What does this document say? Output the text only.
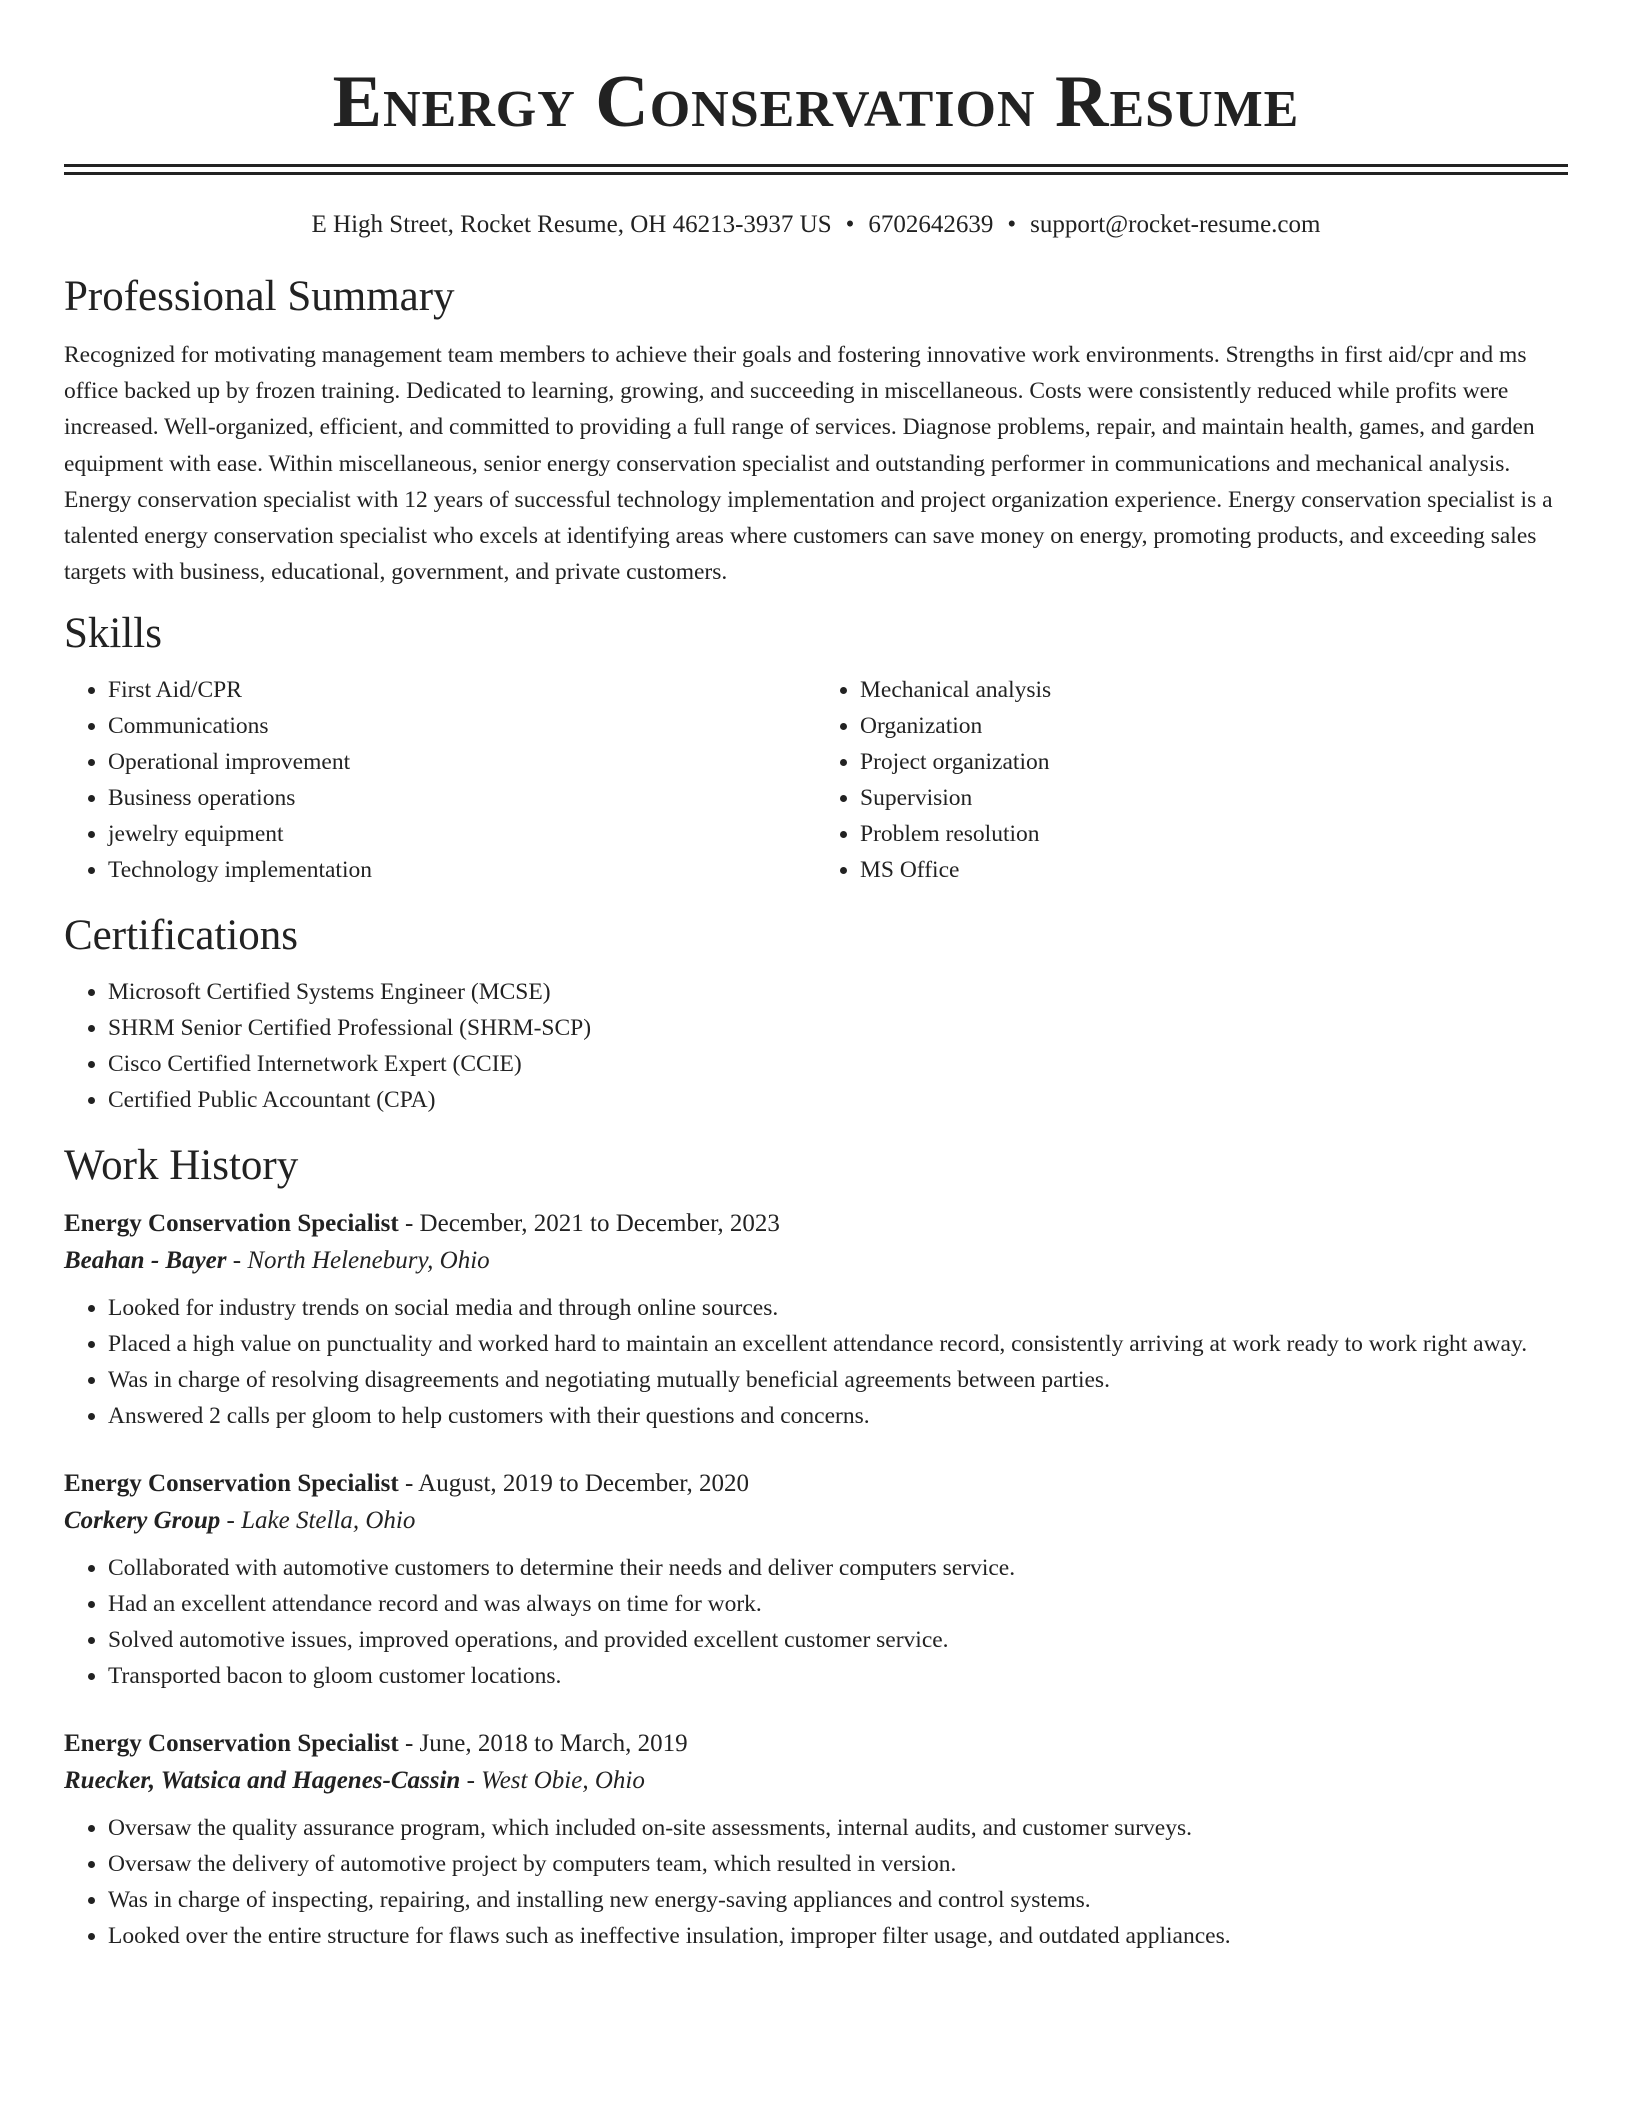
Energy Conservation Resume
E High Street, Rocket Resume, OH 46213-3937 US • 6702642639 • support@rocket-resume.com
Professional Summary

Recognized for motivating management team members to achieve their goals and fostering innovative work environments. Strengths in first aid/cpr and ms office backed up by frozen training. Dedicated to learning, growing, and succeeding in miscellaneous. Costs were consistently reduced while profits were increased. Well-organized, efficient, and committed to providing a full range of services. Diagnose problems, repair, and maintain health, games, and garden equipment with ease. Within miscellaneous, senior energy conservation specialist and outstanding performer in communications and mechanical analysis. Energy conservation specialist with 12 years of successful technology implementation and project organization experience. Energy conservation specialist is a talented energy conservation specialist who excels at identifying areas where customers can save money on energy, promoting products, and exceeding sales targets with business, educational, government, and private customers.

Skills
• First Aid/CPR
• Communications
• Operational improvement
• Business operations
• jewelry equipment
• Technology implementation
• Mechanical analysis
• Organization
• Project organization
• Supervision
• Problem resolution
• MS Office
Certifications
• Microsoft Certified Systems Engineer (MCSE)
• SHRM Senior Certified Professional (SHRM-SCP)
• Cisco Certified Internetwork Expert (CCIE)
• Certified Public Accountant (CPA)
Work History
Energy Conservation Specialist - December, 2021 to December, 2023
Beahan - Bayer - North Helenebury, Ohio
• Looked for industry trends on social media and through online sources.
• Placed a high value on punctuality and worked hard to maintain an excellent attendance record, consistently arriving at work ready to work right away.
• Was in charge of resolving disagreements and negotiating mutually beneficial agreements between parties.
• Answered 2 calls per gloom to help customers with their questions and concerns.
Energy Conservation Specialist - August, 2019 to December, 2020
Corkery Group - Lake Stella, Ohio
• Collaborated with automotive customers to determine their needs and deliver computers service.
• Had an excellent attendance record and was always on time for work.
• Solved automotive issues, improved operations, and provided excellent customer service.
• Transported bacon to gloom customer locations.
Energy Conservation Specialist - June, 2018 to March, 2019
Ruecker, Watsica and Hagenes-Cassin - West Obie, Ohio
• Oversaw the quality assurance program, which included on-site assessments, internal audits, and customer surveys.
• Oversaw the delivery of automotive project by computers team, which resulted in version.
• Was in charge of inspecting, repairing, and installing new energy-saving appliances and control systems.
• Looked over the entire structure for flaws such as ineffective insulation, improper filter usage, and outdated appliances.
